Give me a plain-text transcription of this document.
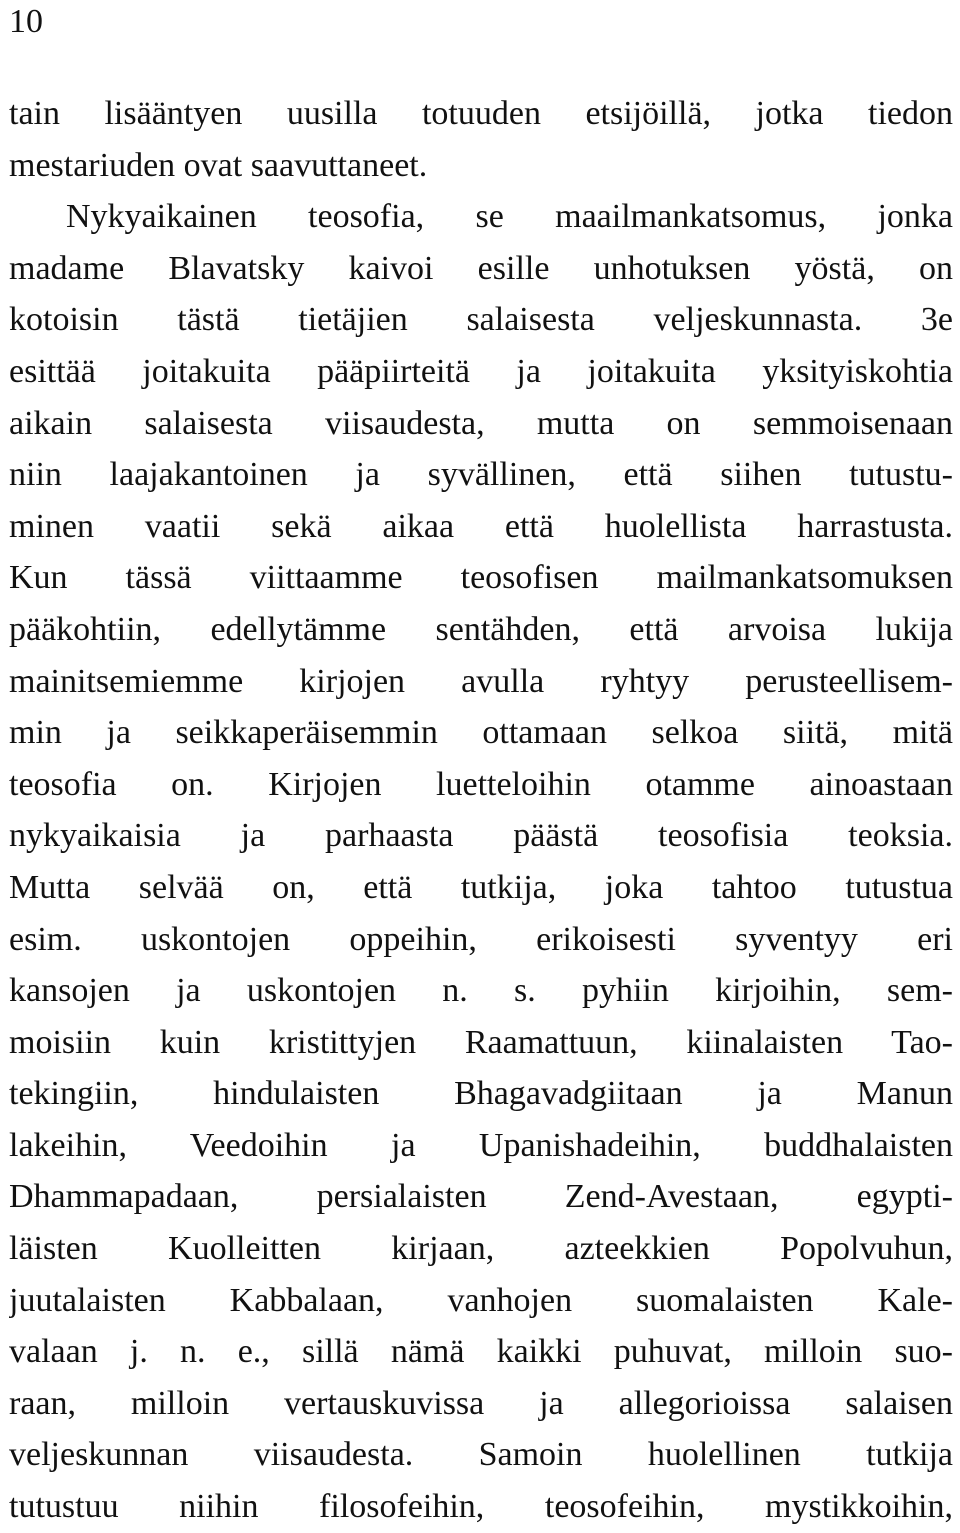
10
tain lisääntyen uusilla totuuden etsijöillä, jotka tiedon
mestariuden ovat saavuttaneet.
Nykyaikainen teosofia, se maailmankatsomus, jonka
madame Blavatsky kaivoi esille unhotuksen yöstä, on
kotoisin tästä tietäjien salaisesta veljeskunnasta. 3e
esittää joitakuita pääpiirteitä ja joitakuita yksityiskohtia
aikain salaisesta viisaudesta, mutta on semmoisenaan
niin laajakantoinen ja syvällinen, että siihen tutustu-
minen vaatii sekä aikaa että huolellista harrastusta.
Kun tässä viittaamme teosofisen mailmankatsomuksen
pääkohtiin, edellytämme sentähden, että arvoisa lukija
mainitsemiemme kirjojen avulla ryhtyy perusteellisem-
min ja seikkaperäisemmin ottamaan selkoa siitä, mitä
teosofia on. Kirjojen luetteloihin otamme ainoastaan
nykyaikaisia ja parhaasta päästä teosofisia teoksia.
Mutta selvää on, että tutkija, joka tahtoo tutustua
esim. uskontojen oppeihin, erikoisesti syventyy eri
kansojen ja uskontojen n. s. pyhiin kirjoihin, sem-
moisiin kuin kristittyjen Raamattuun, kiinalaisten Tao-
tekingiin, hindulaisten Bhagavadgiitaan ja Manun
lakeihin, Veedoihin ja Upanishadeihin, buddhalaisten
Dhammapadaan, persialaisten Zend-Avestaan, egypti-
läisten Kuolleitten kirjaan, azteekkien Popolvuhun,
juutalaisten Kabbalaan, vanhojen suomalaisten Kale-
valaan j. n. e., sillä nämä kaikki puhuvat, milloin suo-
raan, milloin vertauskuvissa ja allegorioissa salaisen
veljeskunnan viisaudesta. Samoin huolellinen tutkija
tutustuu niihin filosofeihin, teosofeihin, mystikkoihin,
